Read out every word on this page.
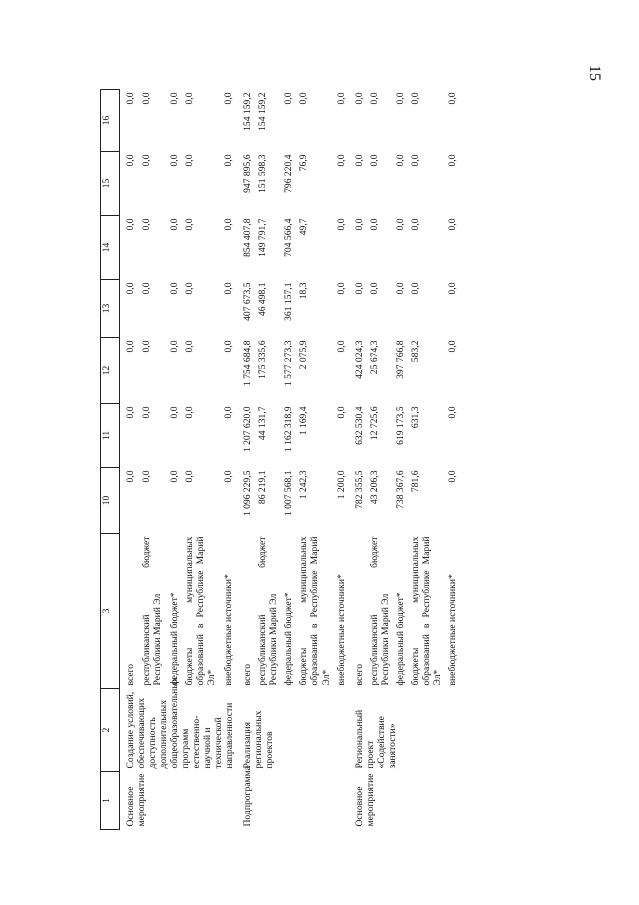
15
1	2	3	10	11	12	13	14	15	16
Основное мероприятие	Создание условий, обеспечивающих доступность дополнительных общеобразовательных программ естественно-научной и технической направленности	всего	0,0	0,0	0,0	0,0	0,0	0,0	0,0
		республиканский бюджет Республики Марий Эл	0,0	0,0	0,0	0,0	0,0	0,0	0,0
		федеральный бюджет*	0,0	0,0	0,0	0,0	0,0	0,0	0,0
		бюджеты муниципальных образований в Республике Марий Эл*	0,0	0,0	0,0	0,0	0,0	0,0	0,0
		внебюджетные источники*	0,0	0,0	0,0	0,0	0,0	0,0	0,0
Подпрограмма	Реализация региональных проектов	всего	1 096 229,5	1 207 620,0	1 754 684,8	407 673,5	854 407,8	947 895,6	154 159,2
		республиканский бюджет Республики Марий Эл	86 219,1	44 131,7	175 335,6	46 498,1	149 791,7	151 598,3	154 159,2
		федеральный бюджет*	1 007 568,1	1 162 318,9	1 577 273,3	361 157,1	704 566,4	796 220,4	0,0
		бюджеты муниципальных образований в Республике Марий Эл*	1 242,3	1 169,4	2 075,9	18,3	49,7	76,9	0,0
		внебюджетные источники*	1 200,0	0,0	0,0	0,0	0,0	0,0	0,0
Основное мероприятие	Региональный проект «Содействие занятости»	всего	782 355,5	632 530,4	424 024,3	0,0	0,0	0,0	0,0
		республиканский бюджет Республики Марий Эл	43 206,3	12 725,6	25 674,3	0,0	0,0	0,0	0,0
		федеральный бюджет*	738 367,6	619 173,5	397 766,8	0,0	0,0	0,0	0,0
		бюджеты муниципальных образований в Республике Марий Эл*	781,6	631,3	583,2	0,0	0,0	0,0	0,0
		внебюджетные источники*	0,0	0,0	0,0	0,0	0,0	0,0	0,0
